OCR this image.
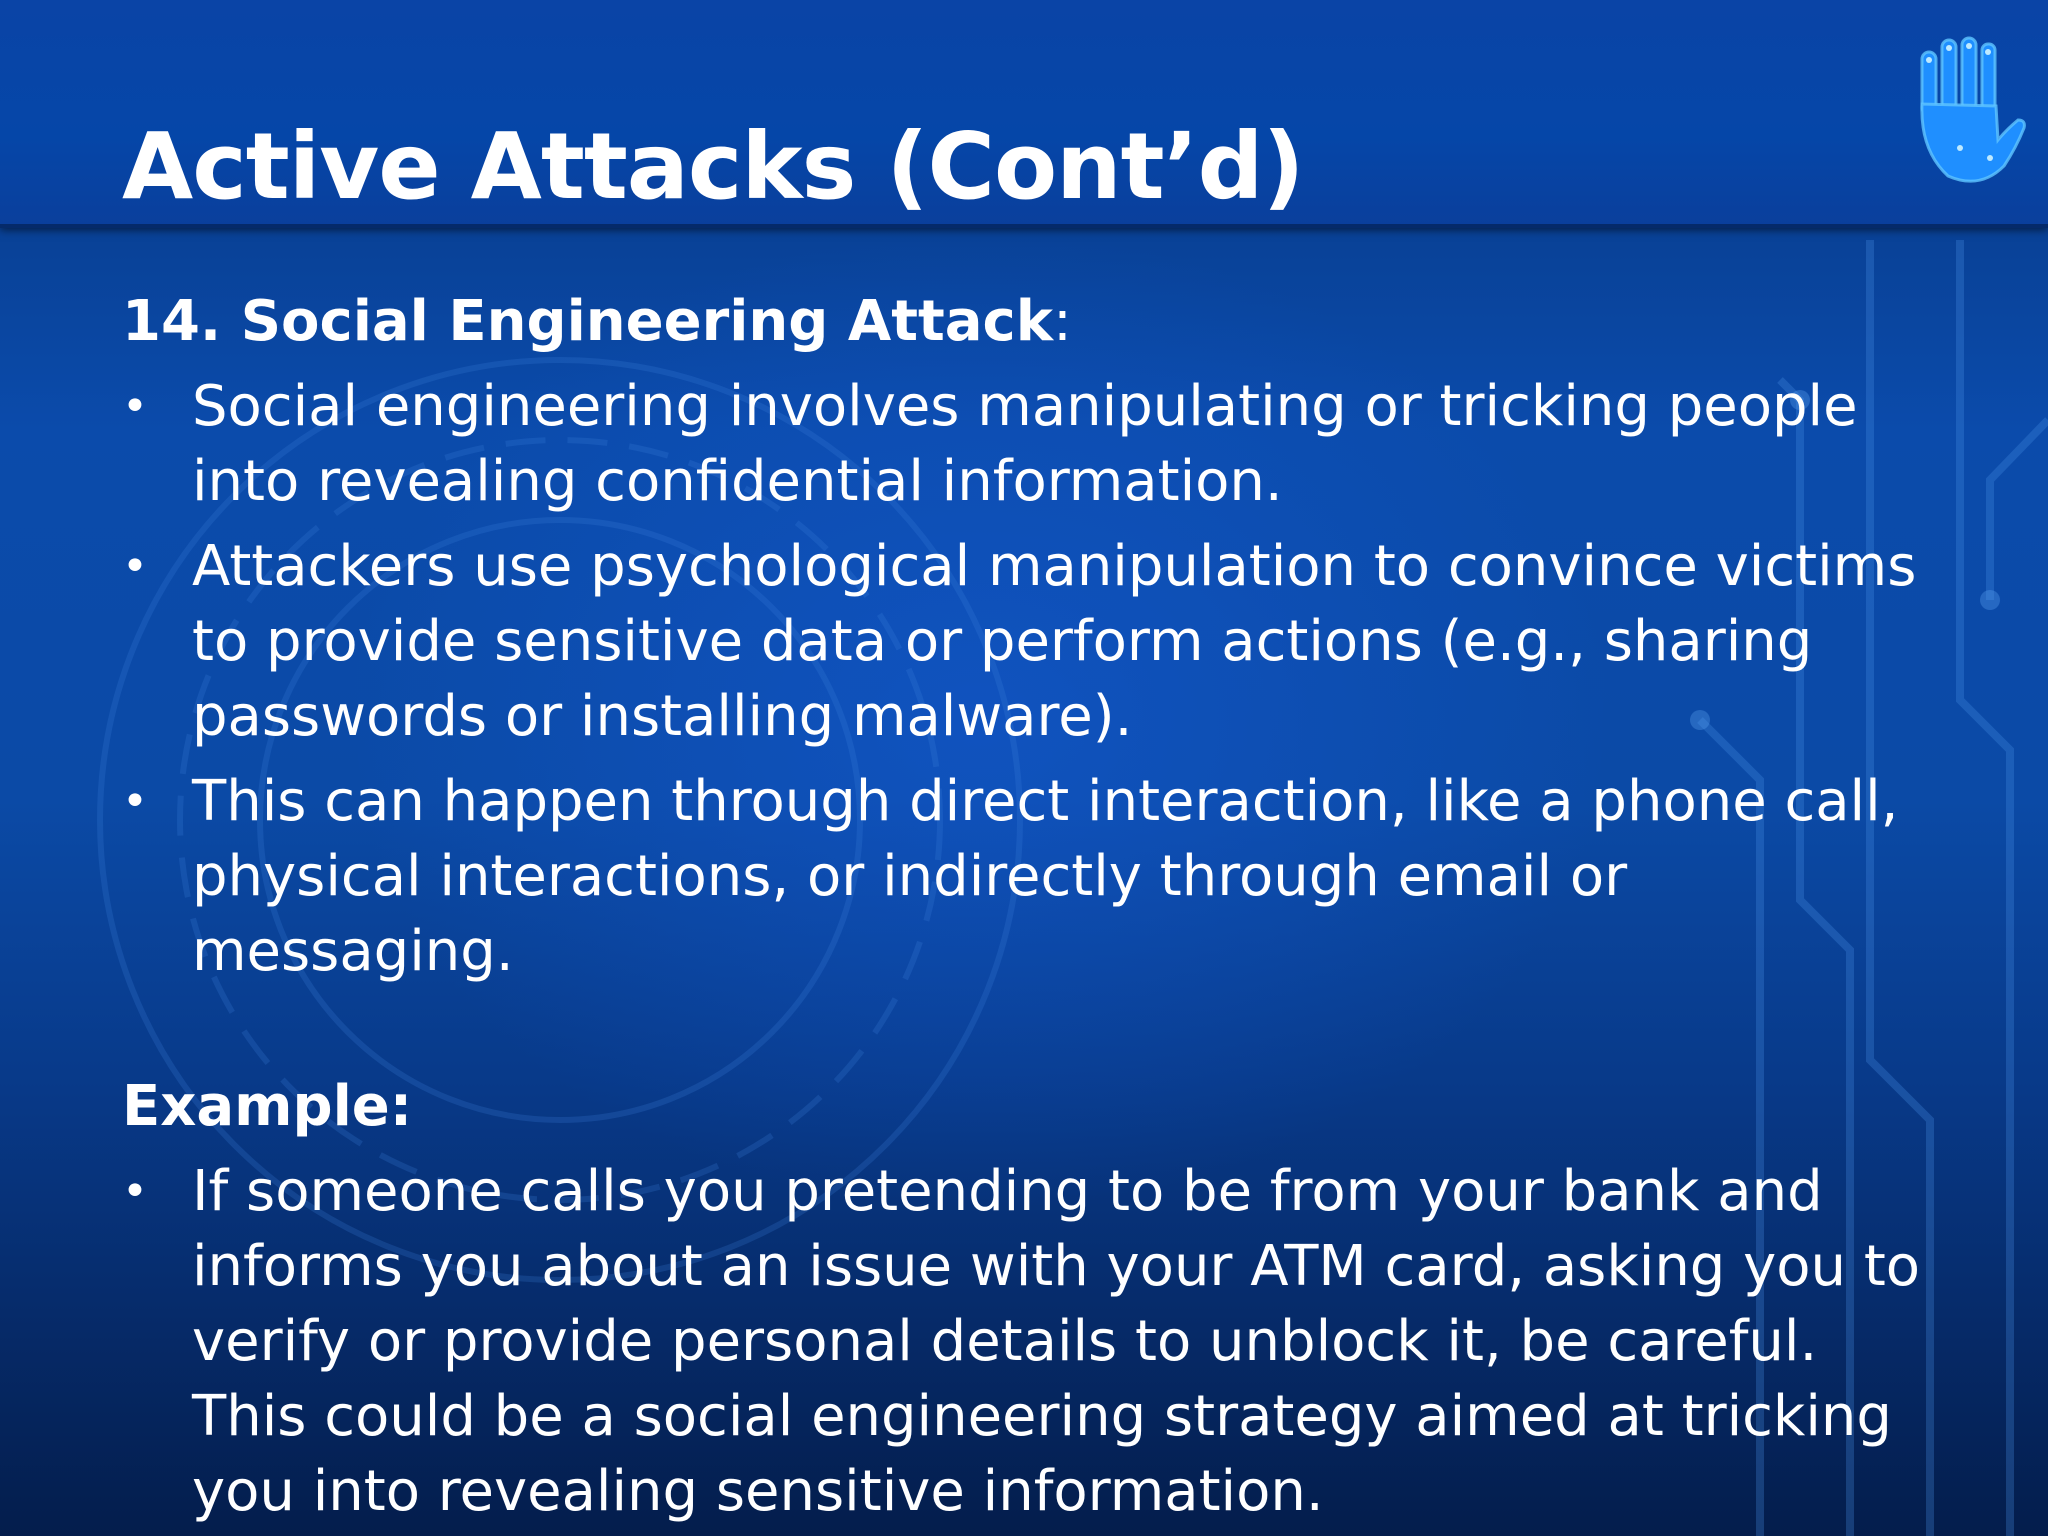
Active Attacks (Cont’d)

14. Social Engineering Attack:

• Social engineering involves manipulating or tricking people into revealing confidential information.
• Attackers use psychological manipulation to convince victims to provide sensitive data or perform actions (e.g., sharing passwords or installing malware).
• This can happen through direct interaction, like a phone call, physical interactions, or indirectly through email or messaging.

Example:

• If someone calls you pretending to be from your bank and informs you about an issue with your ATM card, asking you to verify or provide personal details to unblock it, be careful. This could be a social engineering strategy aimed at tricking you into revealing sensitive information.
